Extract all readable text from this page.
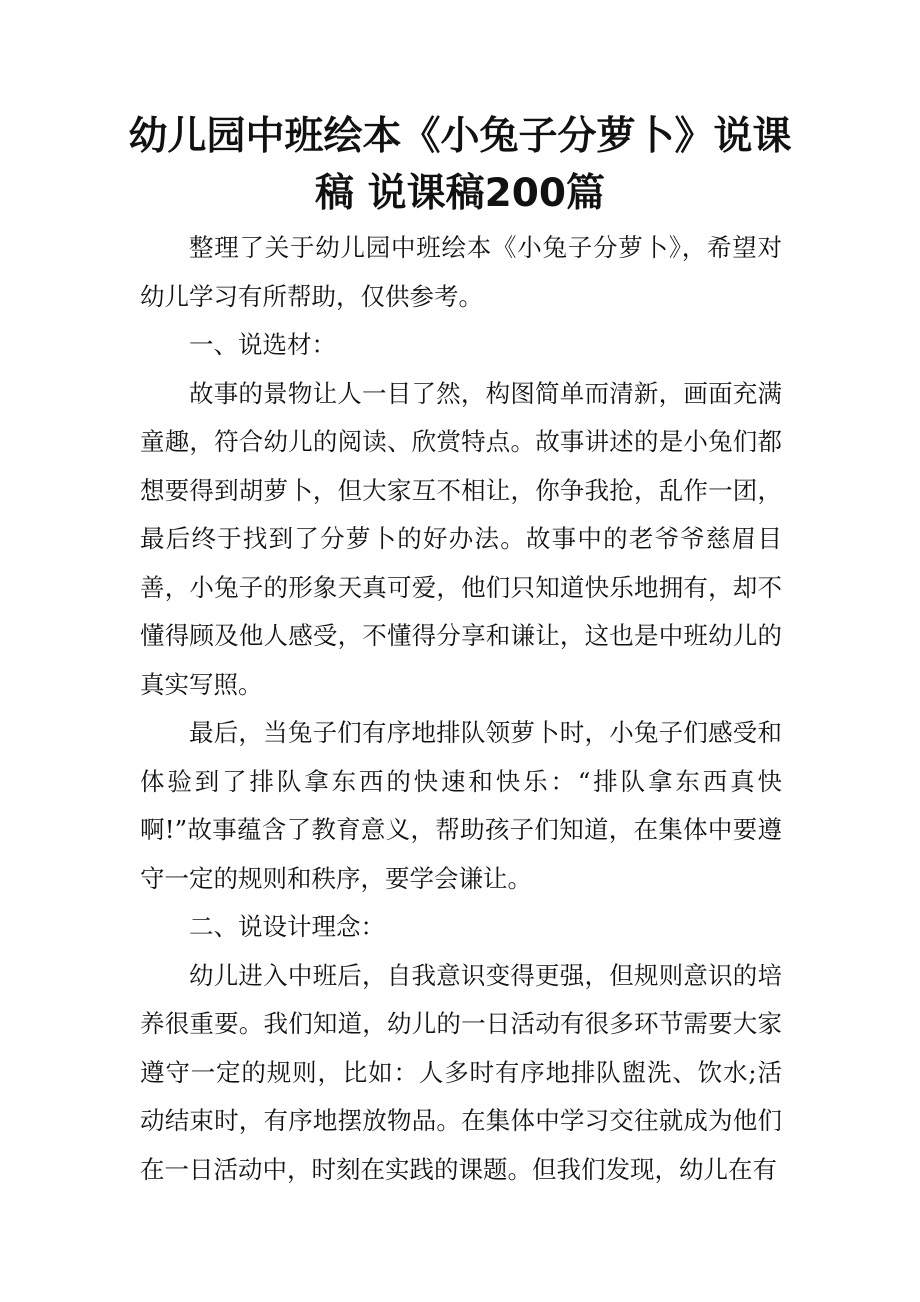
幼儿园中班绘本《小兔子分萝卜》说课
稿 说课稿200篇

整理了关于幼儿园中班绘本《小兔子分萝卜》，希望对幼儿学习有所帮助，仅供参考。

一、说选材：

故事的景物让人一目了然，构图简单而清新，画面充满童趣，符合幼儿的阅读、欣赏特点。故事讲述的是小兔们都想要得到胡萝卜，但大家互不相让，你争我抢，乱作一团，最后终于找到了分萝卜的好办法。故事中的老爷爷慈眉目善，小兔子的形象天真可爱，他们只知道快乐地拥有，却不懂得顾及他人感受，不懂得分享和谦让，这也是中班幼儿的真实写照。

最后，当兔子们有序地排队领萝卜时，小兔子们感受和体验到了排队拿东西的快速和快乐：“排队拿东西真快啊!”故事蕴含了教育意义，帮助孩子们知道，在集体中要遵守一定的规则和秩序，要学会谦让。

二、说设计理念：

幼儿进入中班后，自我意识变得更强，但规则意识的培养很重要。我们知道，幼儿的一日活动有很多环节需要大家遵守一定的规则，比如：人多时有序地排队盥洗、饮水;活动结束时，有序地摆放物品。在集体中学习交往就成为他们在一日活动中，时刻在实践的课题。但我们发现，幼儿在有
